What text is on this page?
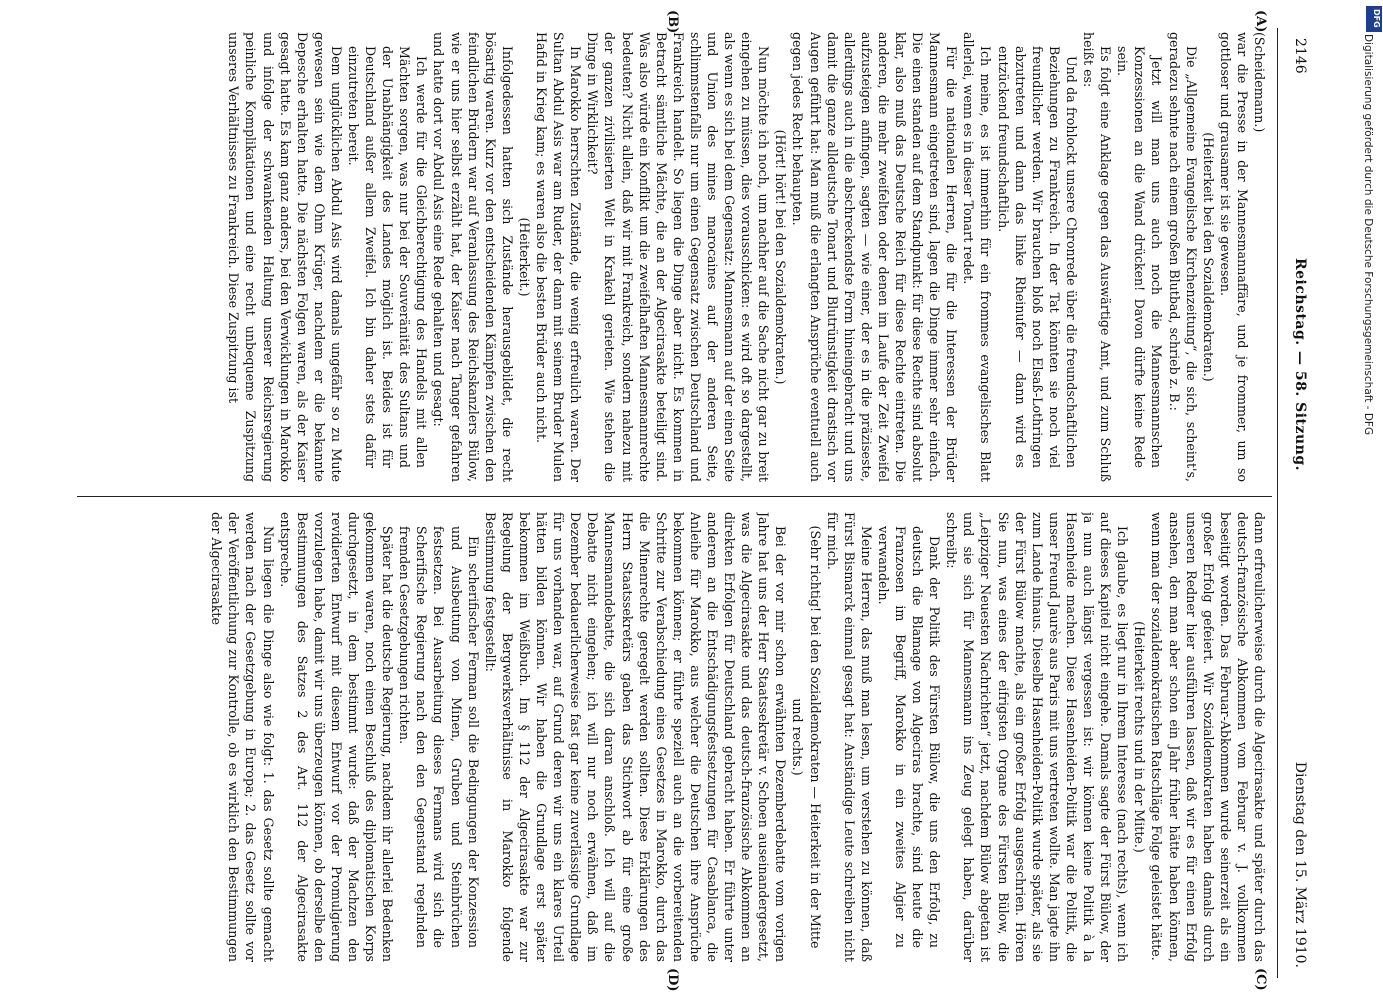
2146
Reichstag. — 58. Sitzung.
Dienstag den 15. März 1910.
(A)
(B)
(C)
(D)

(Scheidemann.)

war die Presse in der Mannesmannaffäre, und je frommer, um so gottloser und grausamer ist sie gewesen.

(Heiterkeit bei den Sozialdemokraten.)

Die „Allgemeine Evangelische Kirchenzeitung“, die sich, scheint's, geradezu sehnte nach einem großen Blutbad, schrieb z. B.:

Jetzt will man uns auch noch die Mannesmannschen Konzessionen an die Wand drücken! Davon dürfte keine Rede sein.

Es folgt eine Anklage gegen das Auswärtige Amt, und zum Schluß heißt es:

Und da frohlockt unsere Chronrede über die freundschaftlichen Beziehungen zu Frankreich. In der Tat könnten sie noch viel freundlicher werden. Wir brauchen bloß noch Elsaß-Lothringen abzutreten und dann das linke Rheinufer — dann wird es entzückend freundschaftlich.

Ich meine, es ist immerhin für ein frommes evangelisches Blatt allerlei, wenn es in dieser Tonart redet.

Für die nationalen Herren, die für die Interessen der Brüder Mannesmann eingetreten sind, lagen die Dinge immer sehr einfach. Die einen standen auf dem Standpunkt: für diese Rechte sind absolut klar, also muß das Deutsche Reich für diese Rechte eintreten. Die anderen, die mehr zweifelten oder denen im Laufe der Zeit Zweifel aufzusteigen anfingen, sagten — wie einer, der es in die präziseste, allerdings auch in die abschreckendste Form hineingebracht und uns damit die ganze alldeutsche Tonart und Blutrünstigkeit drastisch vor Augen geführt hat: Man muß die erlangten Ansprüche eventuell auch gegen jedes Recht behaupten.

(Hört! hört! bei den Sozialdemokraten.)

Nun möchte ich noch, um nachher auf die Sache nicht gar zu breit eingehen zu müssen, dies vorausschicken: es wird oft so dargestellt, als wenn es sich bei dem Gegensatz: Mannesmann auf der einen Seite und Union des mines marocaines auf der anderen Seite, schlimmstenfalls nur um einen Gegensatz zwischen Deutschland und Frankreich handelt. So liegen die Dinge aber nicht. Es kommen in Betracht sämtliche Mächte, die an der Algecirasakte beteiligt sind. Was also würde ein Konflikt um die zweifelhaften Mannesmannrechte bedeuten? Nicht allein, daß wir mit Frankreich, sondern nahezu mit der ganzen zivilisierten Welt in Krakehl gerieten. Wie stehen die Dinge in Wirklichkeit?

In Marokko herrschten Zustände, die wenig erfreulich waren. Der Sultan Abdul Asis war am Ruder, der dann mit seinem Bruder Mulen Hafid in Krieg kam; es waren also die besten Brüder auch nicht.

(Heiterkeit.)

Infolgedessen hatten sich Zustände herausgebildet, die recht bösartig waren. Kurz vor den entscheidenden Kämpfen zwischen den feindlichen Brüdern war auf Veranlassung des Reichskanzlers Bülow, wie er uns hier selbst erzählt hat, der Kaiser nach Tanger gefahren und hatte dort vor Abdul Asis eine Rede gehalten und gesagt:

Ich werde für die Gleichberechtigung des Handels mit allen Mächten sorgen, was nur bei der Souveränität des Sultans und der Unabhängigkeit des Landes möglich ist. Beides ist für Deutschland außer allem Zweifel. Ich bin daher stets dafür einzutreten bereit.

Dem unglücklichen Abdul Asis wird damals ungefähr so zu Mute gewesen sein wie dem Ohm Krüger, nachdem er die bekannte Depesche erhalten hatte. Die nächsten Folgen waren, als der Kaiser gesagt hatte. Es kam ganz anders, bei den Verwicklungen in Marokko und infolge der schwankenden Haltung unserer Reichsregierung peinliche Komplikationen und eine recht unbequeme Zuspitzung unseres Verhältnisses zu Frankreich. Diese Zuspitzung ist

dann erfreulicherweise durch die Algecirasakte und später durch das deutsch-französische Abkommen vom Februar v. J. vollkommen beseitigt worden. Das Februar-Abkommen wurde seinerzeit als ein großer Erfolg gefeiert. Wir Sozialdemokraten haben damals durch unseren Redner hier ausführen lassen, daß wir es für einen Erfolg ansehen, den man aber schon ein Jahr früher hätte haben können, wenn man der sozialdemokratischen Ratschläge Folge geleistet hätte.

(Heiterkeit rechts und in der Mitte.)

Ich glaube, es liegt nur in Ihrem Interesse (nach rechts), wenn ich auf dieses Kapitel nicht eingehe. Damals sagte der Fürst Bülow, der ja nun auch längst vergessen ist: wir können keine Politik à la Hasenheide machen. Diese Hasenheiden-Politik war die Politik, die unser Freund Jaurès aus Paris mit uns vertreten wollte. Man jagte ihn zum Lande hinaus. Dieselbe Hasenheiden-Politik wurde später, als sie der Fürst Bülow machte, als ein großer Erfolg ausgeschrien. Hören Sie nun, was eines der eifrigsten Organe des Fürsten Bülow, die „Leipziger Neuesten Nachrichten“ jetzt, nachdem Bülow abgetan ist und sie sich für Mannesmann ins Zeug gelegt haben, darüber schreibt:

Dank der Politik des Fürsten Bülow, die uns den Erfolg, zu deutsch die Blamage von Algeciras brachte, sind heute die Franzosen im Begriff, Marokko in ein zweites Algier zu verwandeln.

Meine Herren, das muß man lesen, um verstehen zu können, daß Fürst Bismarck einmal gesagt hat: Anständige Leute schreiben nicht für mich.

(Sehr richtig! bei den Sozialdemokraten — Heiterkeit in der Mitte und rechts.)

Bei der vor mir schon erwähnten Dezemberdebatte vom vorigen Jahre hat uns der Herr Staatssekretär v. Schoen auseinandergesetzt, was die Algecirasakte und das deutsch-französische Abkommen an direkten Erfolgen für Deutschland gebracht haben. Er führte unter anderem an die Entschädigungsfestsetzungen für Casablanca, die Anleihe für Marokko, aus welcher die Deutschen ihre Ansprüche bekommen können; er führte speziell auch an die vorbereitenden Schritte zur Verabschiedung eines Gesetzes in Marokko, durch das die Minenrechte geregelt werden sollten. Diese Erklärungen des Herrn Staatssekretärs gaben das Stichwort ab für eine große Mannesmanndebatte, die sich daran anschloß. Ich will auf die Debatte nicht eingehen; ich will nur noch erwähnen, daß im Dezember bedauerlicherweise fast gar keine zuverlässige Grundlage für uns vorhanden war, auf Grund deren wir uns ein klares Urteil hätten bilden können. Wir haben die Grundlage erst später bekommen im Weißbuch. Im § 112 der Algecirasakte war zur Regelung der Bergwerksverhältnisse in Marokko folgende Bestimmung festgestellt:

Ein scherifischer Ferman soll die Bedingungen der Konzession und Ausbeutung von Minen, Gruben und Steinbrüchen festsetzen. Bei Ausarbeitung dieses Fermans wird sich die Scherifische Regierung nach den den Gegenstand regelnden fremden Gesetzgebungen richten.

Später hat die deutsche Regierung, nachdem ihr allerlei Bedenken gekommen waren, noch einen Beschluß des diplomatischen Korps durchgesetzt, in dem bestimmt wurde: daß der Machzen den revidierten Entwurf mit diesem Entwurf vor der Promulgierung vorzulegen habe, damit wir uns überzeugen können, ob derselbe den Bestimmungen des Satzes 2 des Art. 112 der Algecirasakte entspreche.

Nun liegen die Dinge also wie folgt: 1. das Gesetz sollte gemacht werden nach der Gesetzgebung in Europa; 2. das Gesetz sollte vor der Veröffentlichung zur Kontrolle, ob es wirklich den Bestimmungen der Algecirasakte

DFG
Digitalisierung gefördert durch die Deutsche Forschungsgemeinschaft - DFG
